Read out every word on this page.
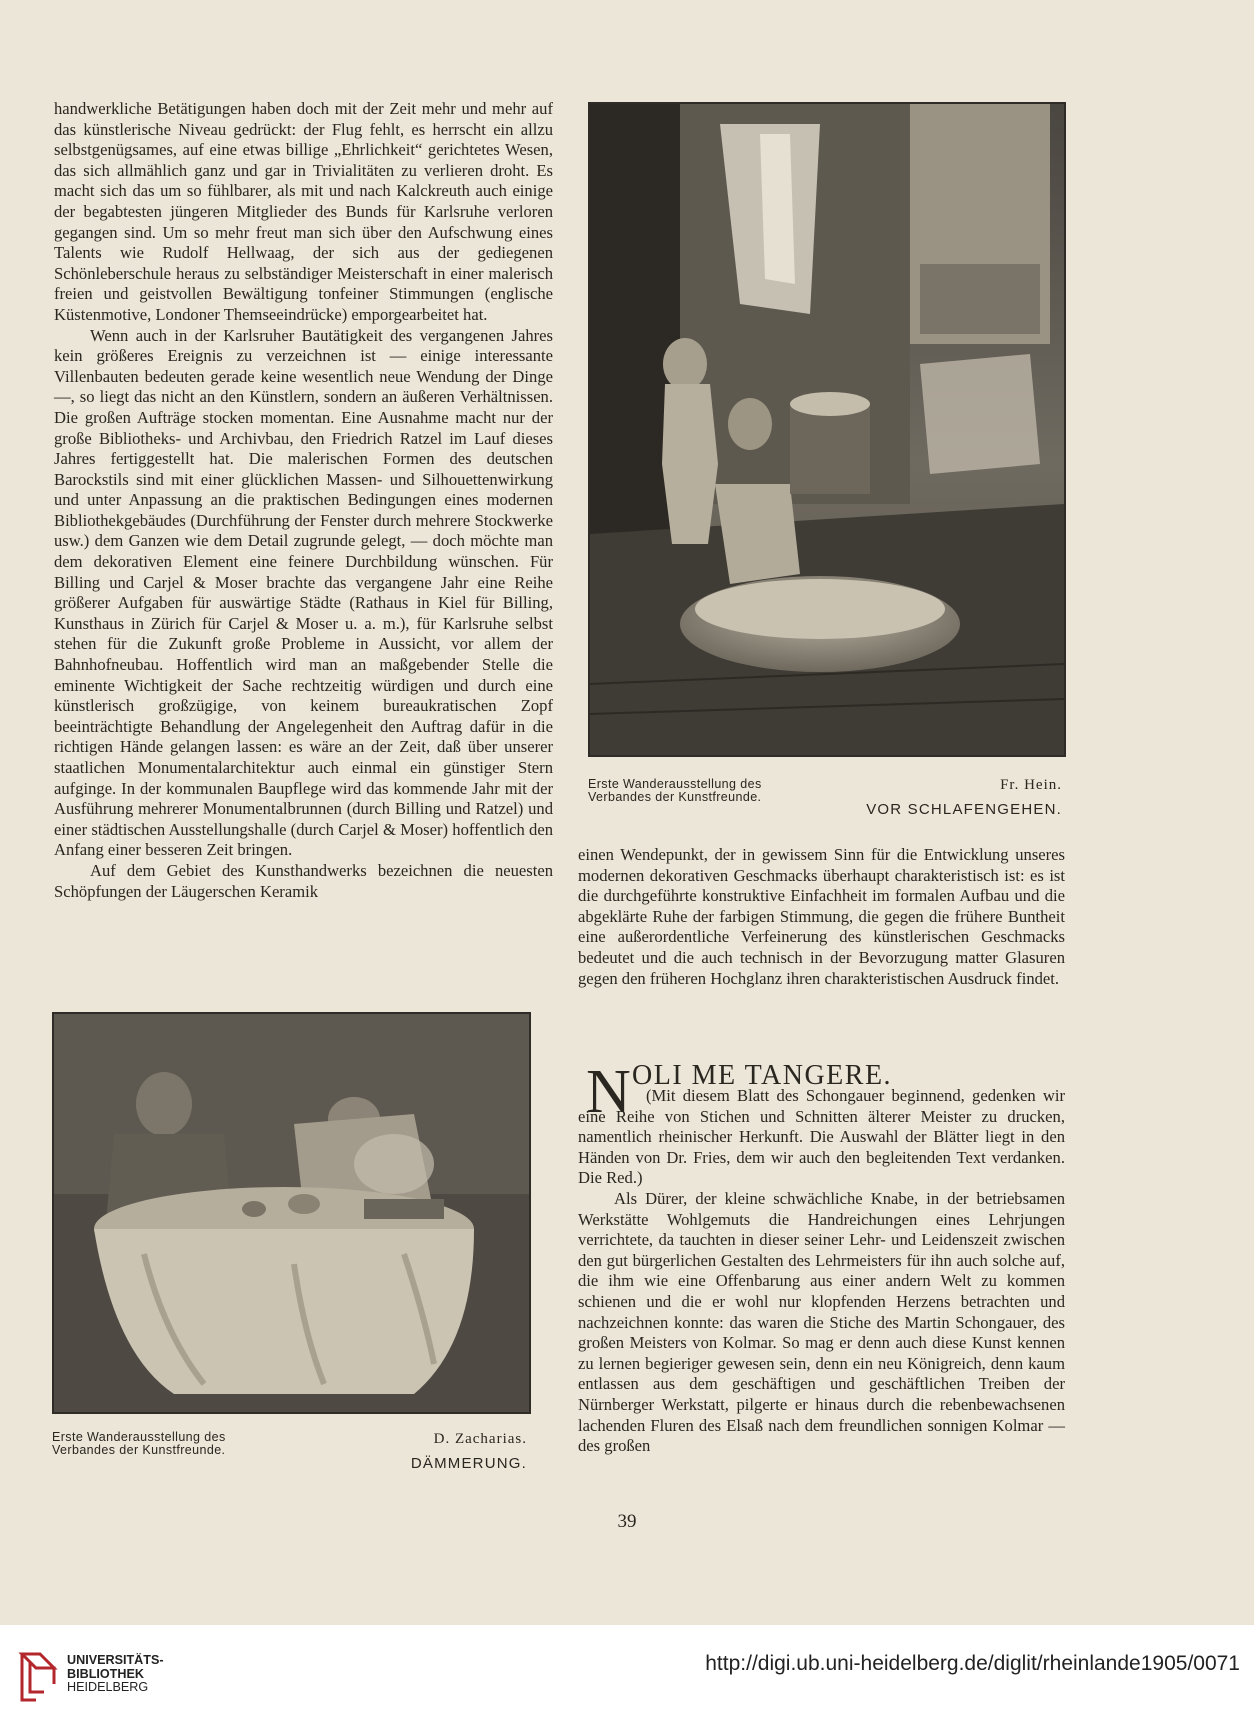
handwerkliche Betätigungen haben doch mit der Zeit mehr und mehr auf das künstlerische Niveau gedrückt: der Flug fehlt, es herrscht ein allzu selbstgenügsames, auf eine etwas billige „Ehrlichkeit“ gerichtetes Wesen, das sich allmählich ganz und gar in Trivialitäten zu verlieren droht. Es macht sich das um so fühlbarer, als mit und nach Kalckreuth auch einige der begabtesten jüngeren Mitglieder des Bunds für Karlsruhe verloren gegangen sind. Um so mehr freut man sich über den Aufschwung eines Talents wie Rudolf Hellwaag, der sich aus der gediegenen Schönleberschule heraus zu selbständiger Meisterschaft in einer malerisch freien und geistvollen Bewältigung tonfeiner Stimmungen (englische Küstenmotive, Londoner Themseeindrücke) emporgearbeitet hat.

Wenn auch in der Karlsruher Bautätigkeit des vergangenen Jahres kein größeres Ereignis zu verzeichnen ist — einige interessante Villenbauten bedeuten gerade keine wesentlich neue Wendung der Dinge —, so liegt das nicht an den Künstlern, sondern an äußeren Verhältnissen. Die großen Aufträge stocken momentan. Eine Ausnahme macht nur der große Bibliotheks- und Archivbau, den Friedrich Ratzel im Lauf dieses Jahres fertiggestellt hat. Die malerischen Formen des deutschen Barockstils sind mit einer glücklichen Massen- und Silhouettenwirkung und unter Anpassung an die praktischen Bedingungen eines modernen Bibliothekgebäudes (Durchführung der Fenster durch mehrere Stockwerke usw.) dem Ganzen wie dem Detail zugrunde gelegt, — doch möchte man dem dekorativen Element eine feinere Durchbildung wünschen. Für Billing und Carjel & Moser brachte das vergangene Jahr eine Reihe größerer Aufgaben für auswärtige Städte (Rathaus in Kiel für Billing, Kunsthaus in Zürich für Carjel & Moser u. a. m.), für Karlsruhe selbst stehen für die Zukunft große Probleme in Aussicht, vor allem der Bahnhofneubau. Hoffentlich wird man an maßgebender Stelle die eminente Wichtigkeit der Sache rechtzeitig würdigen und durch eine künstlerisch großzügige, von keinem bureaukratischen Zopf beeinträchtigte Behandlung der Angelegenheit den Auftrag dafür in die richtigen Hände gelangen lassen: es wäre an der Zeit, daß über unserer staatlichen Monumentalarchitektur auch einmal ein günstiger Stern aufginge. In der kommunalen Baupflege wird das kommende Jahr mit der Ausführung mehrerer Monumentalbrunnen (durch Billing und Ratzel) und einer städtischen Ausstellungshalle (durch Carjel & Moser) hoffentlich den Anfang einer besseren Zeit bringen.

Auf dem Gebiet des Kunsthandwerks bezeichnen die neuesten Schöpfungen der Läugerschen Keramik

Erste Wanderausstellung des
Verbandes der Kunstfreunde.
Fr. Hein.
VOR SCHLAFENGEHEN.

einen Wendepunkt, der in gewissem Sinn für die Entwicklung unseres modernen dekorativen Geschmacks überhaupt charakteristisch ist: es ist die durchgeführte konstruktive Einfachheit im formalen Aufbau und die abgeklärte Ruhe der farbigen Stimmung, die gegen die frühere Buntheit eine außerordentliche Verfeinerung des künstlerischen Geschmacks bedeutet und die auch technisch in der Bevorzugung matter Glasuren gegen den früheren Hochglanz ihren charakteristischen Ausdruck findet.

N OLI ME TANGERE.

(Mit diesem Blatt des Schongauer beginnend, gedenken wir eine Reihe von Stichen und Schnitten älterer Meister zu drucken, namentlich rheinischer Herkunft. Die Auswahl der Blätter liegt in den Händen von Dr. Fries, dem wir auch den begleitenden Text verdanken. Die Red.)

Als Dürer, der kleine schwächliche Knabe, in der betriebsamen Werkstätte Wohlgemuts die Handreichungen eines Lehrjungen verrichtete, da tauchten in dieser seiner Lehr- und Leidenszeit zwischen den gut bürgerlichen Gestalten des Lehrmeisters für ihn auch solche auf, die ihm wie eine Offenbarung aus einer andern Welt zu kommen schienen und die er wohl nur klopfenden Herzens betrachten und nachzeichnen konnte: das waren die Stiche des Martin Schongauer, des großen Meisters von Kolmar. So mag er denn auch diese Kunst kennen zu lernen begieriger gewesen sein, denn ein neu Königreich, denn kaum entlassen aus dem geschäftigen und geschäftlichen Treiben der Nürnberger Werkstatt, pilgerte er hinaus durch die rebenbewachsenen lachenden Fluren des Elsaß nach dem freundlichen sonnigen Kolmar — des großen

Erste Wanderausstellung des
Verbandes der Kunstfreunde.
D. Zacharias.
DÄMMERUNG.
39
UNIVERSITÄTS-
BIBLIOTHEK
HEIDELBERG
http://digi.ub.uni-heidelberg.de/diglit/rheinlande1905/0071
